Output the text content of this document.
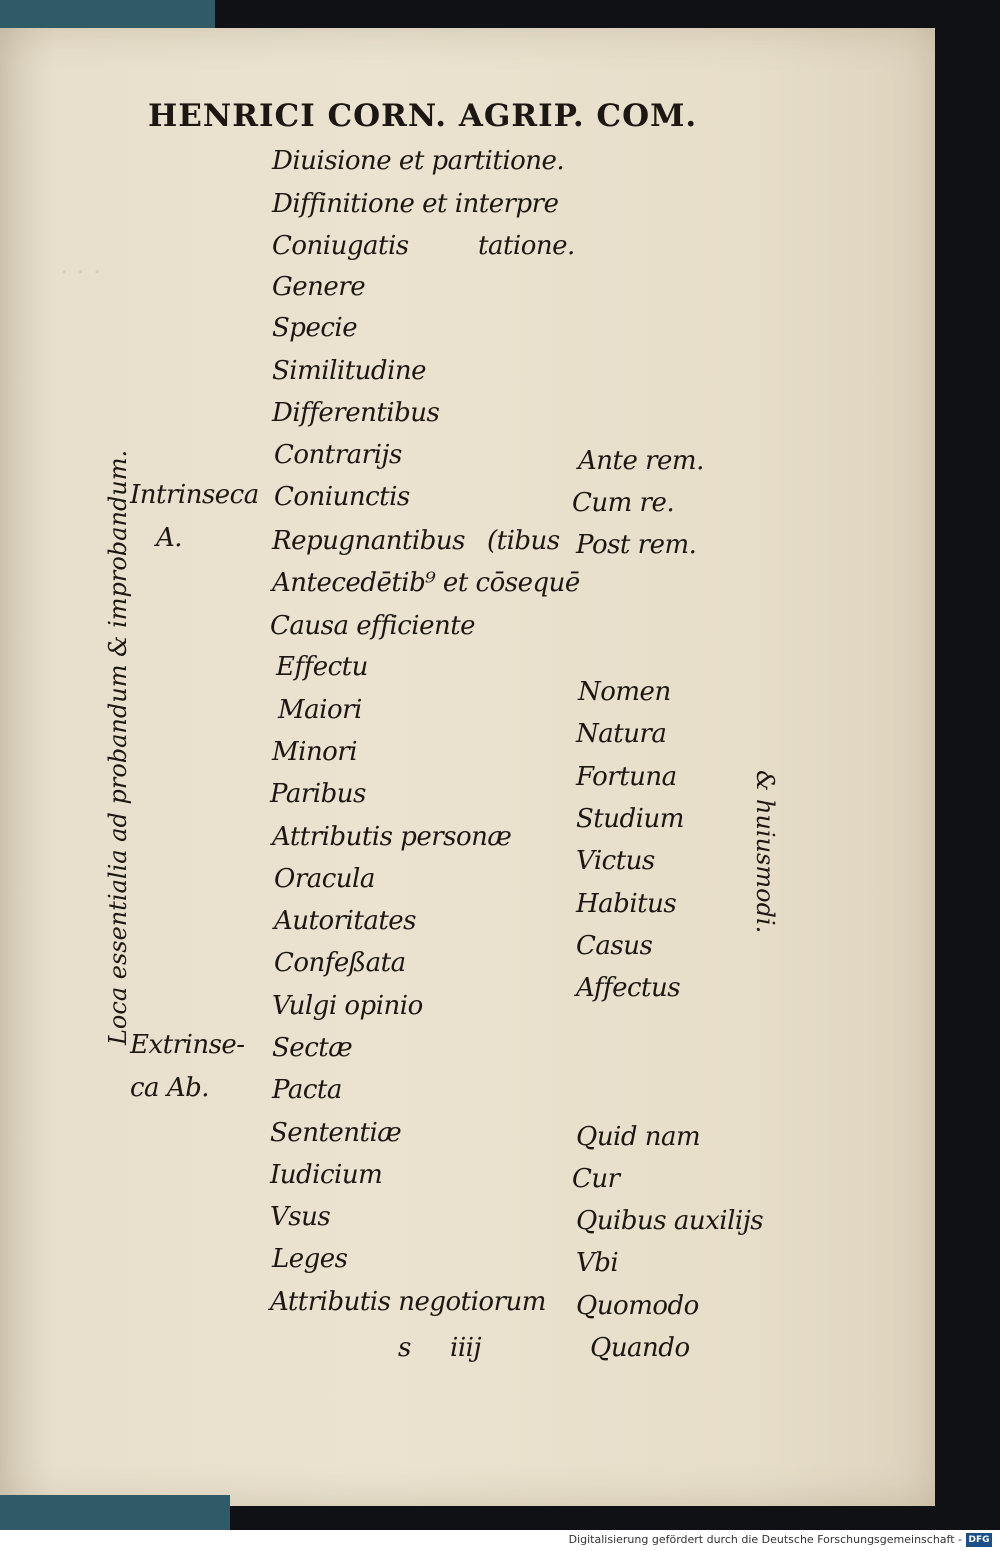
· · ·
HENRICI CORN. AGRIP. COM.
Loca essentialia ad probandum & improbandum.	& huiusmodi.
Intrinseca
A.
Extrinse-
ca Ab.
Diuisione et partitione.
Diffinitione et interpre
Coniugatis
Genere
Specie
Similitudine
Differentibus
Contrarijs
Coniunctis
Repugnantibus
Antecedētib⁹ et cōsequē
Causa efficiente
Effectu
Maiori
Minori
Paribus
Attributis personæ
Oracula
Autoritates
Confeßata
Vulgi opinio
Sectæ
Pacta
Sententiæ
Iudicium
Vsus
Leges
Attributis negotiorum
tatione.
(tibus
Ante rem.
Cum re.
Post rem.
Nomen
Natura
Fortuna
Studium
Victus
Habitus
Casus
Affectus
Quid nam
Cur
Quibus auxilijs
Vbi
Quomodo
Quando
s iiij
Digitalisierung gefördert durch die Deutsche Forschungsgemeinschaft - DFG
